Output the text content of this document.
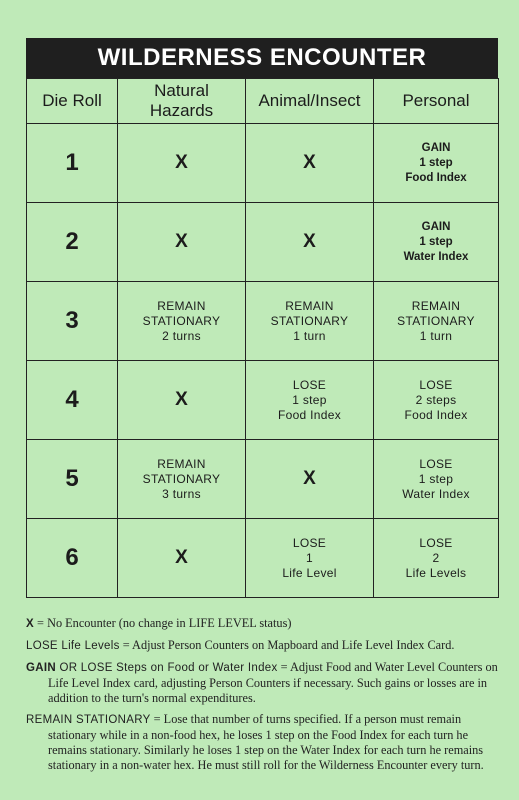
WILDERNESS ENCOUNTER
Die Roll	Natural
Hazards	Animal/Insect	Personal
1	X	X	GAIN
1 step
Food Index

2	X	X	GAIN
1 step
Water Index

3	REMAIN
STATIONARY
2 turns	REMAIN
STATIONARY
1 turn	REMAIN
STATIONARY
1 turn

4	X	LOSE
1 step
Food Index	LOSE
2 steps
Food Index

5	REMAIN
STATIONARY
3 turns	X	LOSE
1 step
Water Index

6	X	LOSE
1
Life Level	LOSE
2
Life Levels

X = No Encounter (no change in LIFE LEVEL status)

LOSE Life Levels = Adjust Person Counters on Mapboard and Life Level Index Card.

GAIN OR LOSE Steps on Food or Water Index = Adjust Food and Water Level Counters on Life Level Index card, adjusting Person Counters if necessary. Such gains or losses are in addition to the turn's normal expenditures.

REMAIN STATIONARY = Lose that number of turns specified. If a person must remain stationary while in a non-food hex, he loses 1 step on the Food Index for each turn he remains stationary. Similarly he loses 1 step on the Water Index for each turn he remains stationary in a non-water hex. He must still roll for the Wilderness Encounter every turn.
